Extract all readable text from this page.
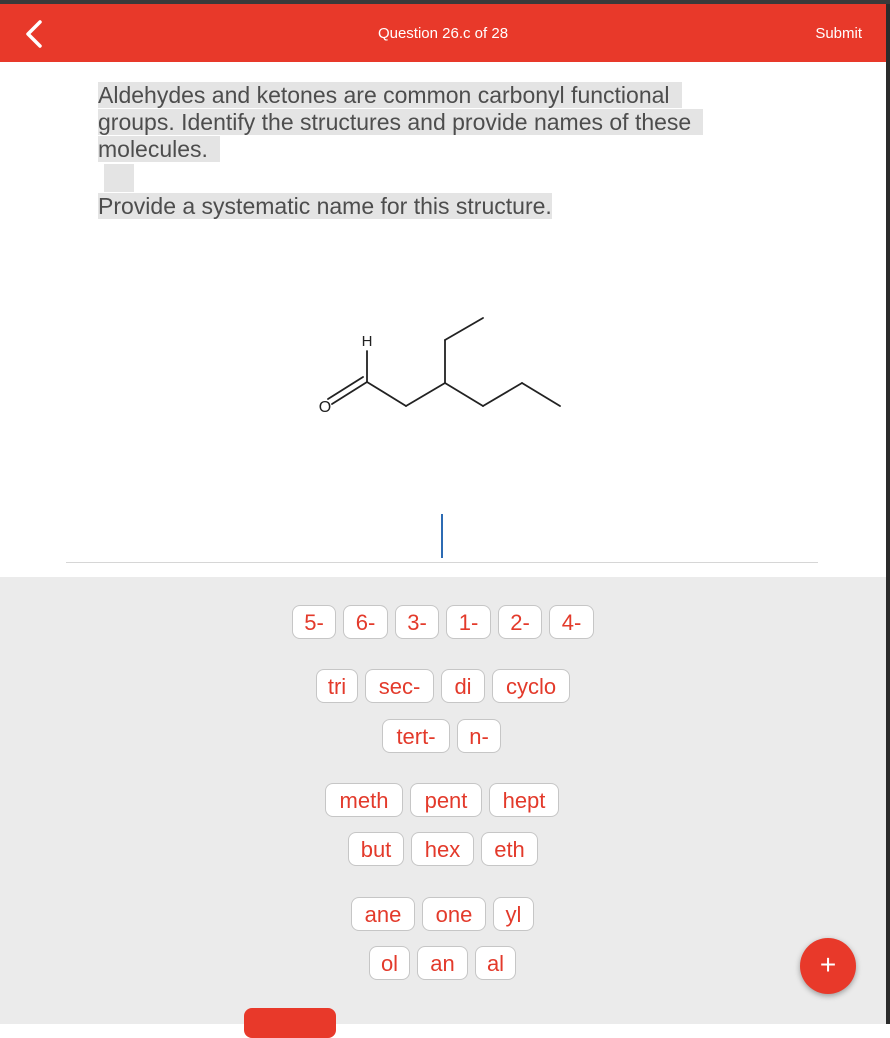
Question 26.c of 28	Submit
Aldehydes and ketones are common carbonyl functional groups. Identify the structures and provide names of these molecules.
Provide a systematic name for this structure.
H
O
5-	6-	3-	1-	2-	4-
tri	sec-	di	cyclo
tert-	n-
meth	pent	hept
but	hex	eth
ane	one	yl
ol	an	al	+
